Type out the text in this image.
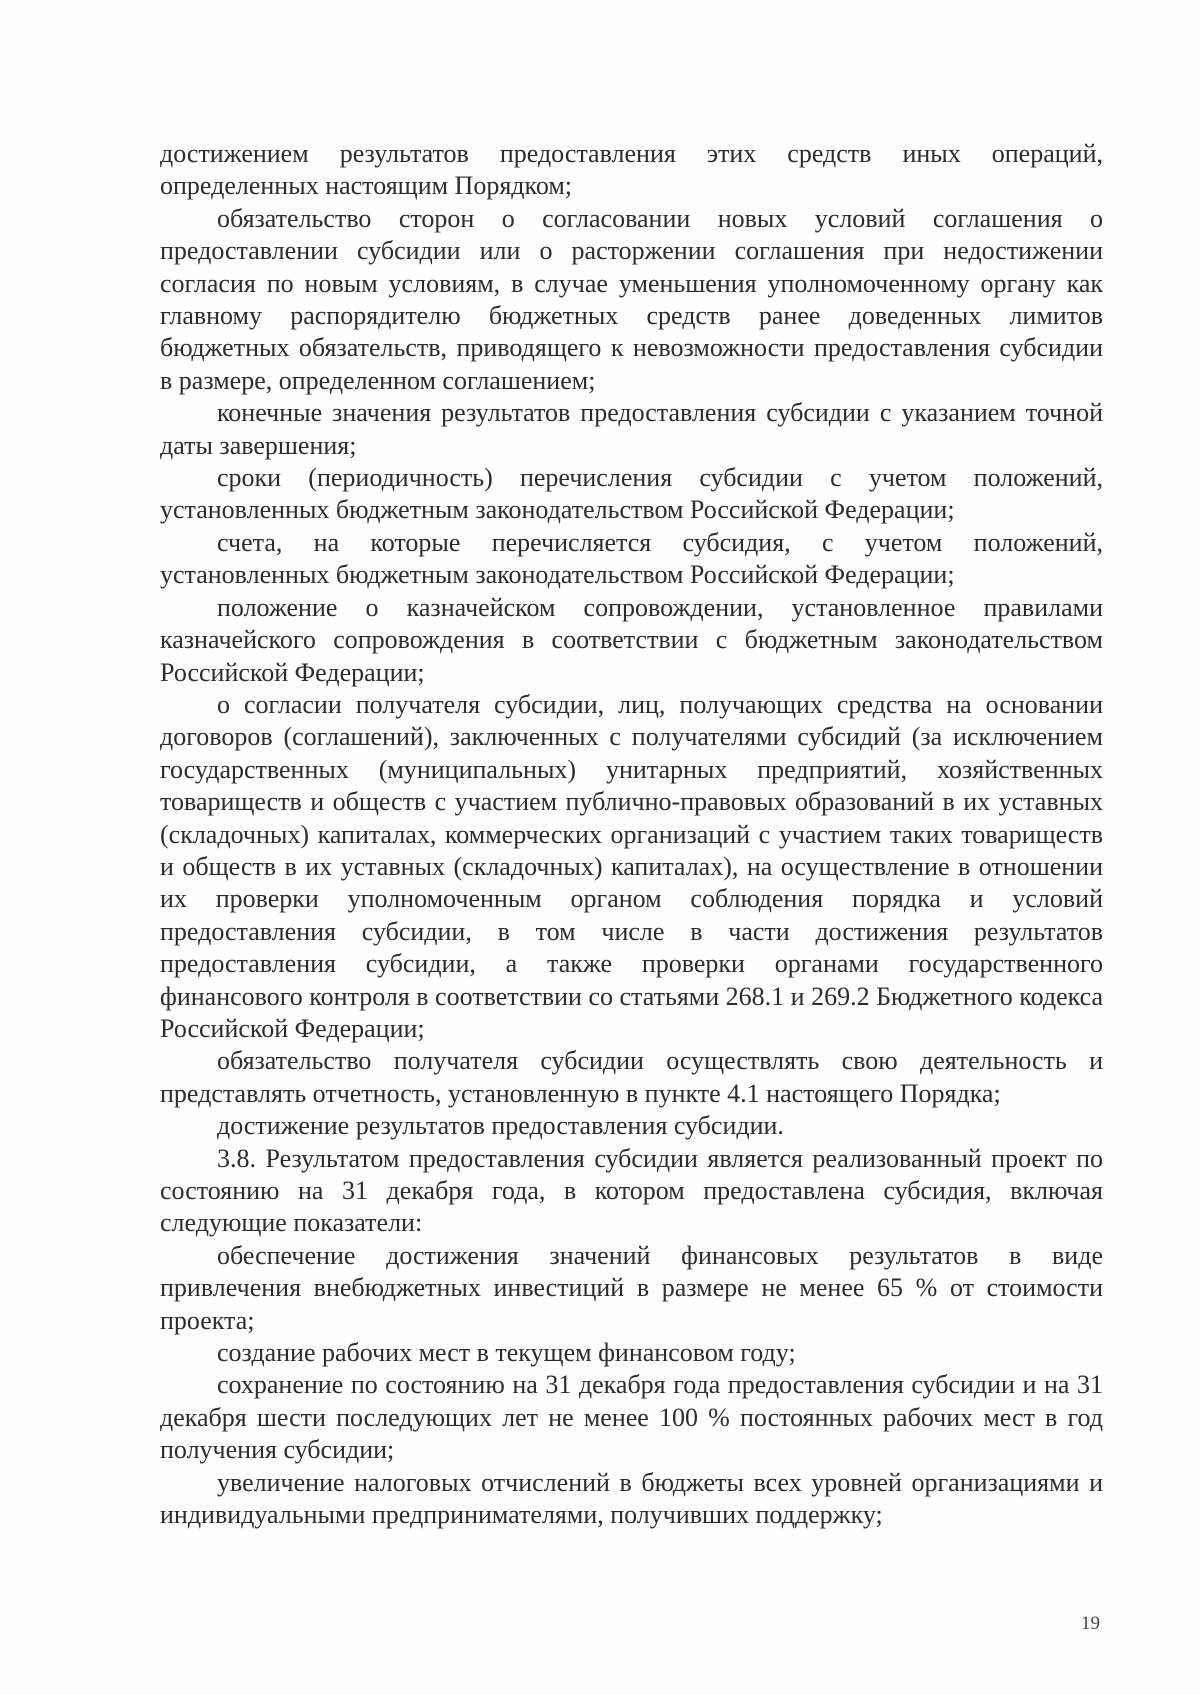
достижением результатов предоставления этих средств иных операций, определенных настоящим Порядком;

обязательство сторон о согласовании новых условий соглашения о предоставлении субсидии или о расторжении соглашения при недостижении согласия по новым условиям, в случае уменьшения уполномоченному органу как главному распорядителю бюджетных средств ранее доведенных лимитов бюджетных обязательств, приводящего к невозможности предоставления субсидии в размере, определенном соглашением;

конечные значения результатов предоставления субсидии с указанием точной даты завершения;

сроки (периодичность) перечисления субсидии с учетом положений, установленных бюджетным законодательством Российской Федерации;

счета, на которые перечисляется субсидия, с учетом положений, установленных бюджетным законодательством Российской Федерации;

положение о казначейском сопровождении, установленное правилами казначейского сопровождения в соответствии с бюджетным законодательством Российской Федерации;

о согласии получателя субсидии, лиц, получающих средства на основании договоров (соглашений), заключенных с получателями субсидий (за исключением государственных (муниципальных) унитарных предприятий, хозяйственных товариществ и обществ с участием публично-правовых образований в их уставных (складочных) капиталах, коммерческих организаций с участием таких товариществ и обществ в их уставных (складочных) капиталах), на осуществление в отношении их проверки уполномоченным органом соблюдения порядка и условий предоставления субсидии, в том числе в части достижения результатов предоставления субсидии, а также проверки органами государственного финансового контроля в соответствии со статьями 268.1 и 269.2 Бюджетного кодекса Российской Федерации;

обязательство получателя субсидии осуществлять свою деятельность и представлять отчетность, установленную в пункте 4.1 настоящего Порядка;

достижение результатов предоставления субсидии.

3.8. Результатом предоставления субсидии является реализованный проект по состоянию на 31 декабря года, в котором предоставлена субсидия, включая следующие показатели:

обеспечение достижения значений финансовых результатов в виде привлечения внебюджетных инвестиций в размере не менее 65 % от стоимости проекта;

создание рабочих мест в текущем финансовом году;

сохранение по состоянию на 31 декабря года предоставления субсидии и на 31 декабря шести последующих лет не менее 100 % постоянных рабочих мест в год получения субсидии;

увеличение налоговых отчислений в бюджеты всех уровней организациями и индивидуальными предпринимателями, получивших поддержку;

19
